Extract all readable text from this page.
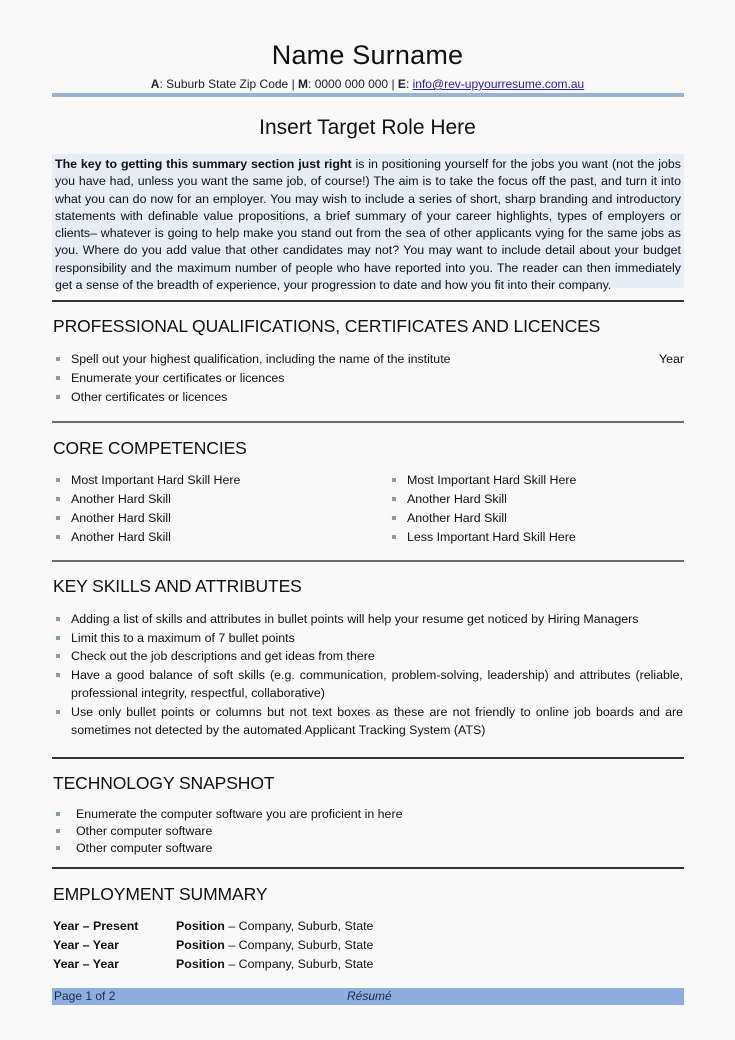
Name Surname
A: Suburb State Zip Code | M: 0000 000 000 | E: info@rev-upyourresume.com.au
Insert Target Role Here
The key to getting this summary section just right is in positioning yourself for the jobs you want (not the jobs you have had, unless you want the same job, of course!) The aim is to take the focus off the past, and turn it into what you can do now for an employer. You may wish to include a series of short, sharp branding and introductory statements with definable value propositions, a brief summary of your career highlights, types of employers or clients– whatever is going to help make you stand out from the sea of other applicants vying for the same jobs as you. Where do you add value that other candidates may not? You may want to include detail about your budget responsibility and the maximum number of people who have reported into you. The reader can then immediately get a sense of the breadth of experience, your progression to date and how you fit into their company.
PROFESSIONAL QUALIFICATIONS, CERTIFICATES AND LICENCES
Spell out your highest qualification, including the name of the institute
Enumerate your certificates or licences
Other certificates or licences
Year
CORE COMPETENCIES
Most Important Hard Skill Here
Another Hard Skill
Another Hard Skill
Another Hard Skill
Most Important Hard Skill Here
Another Hard Skill
Another Hard Skill
Less Important Hard Skill Here
KEY SKILLS AND ATTRIBUTES
Adding a list of skills and attributes in bullet points will help your resume get noticed by Hiring Managers
Limit this to a maximum of 7 bullet points
Check out the job descriptions and get ideas from there
Have a good balance of soft skills (e.g. communication, problem-solving, leadership) and attributes (reliable, professional integrity, respectful, collaborative)
Use only bullet points or columns but not text boxes as these are not friendly to online job boards and are sometimes not detected by the automated Applicant Tracking System (ATS)
TECHNOLOGY SNAPSHOT
Enumerate the computer software you are proficient in here
Other computer software
Other computer software
EMPLOYMENT SUMMARY
Year – Present	Position – Company, Suburb, State
Year – Year	Position – Company, Suburb, State
Year – Year	Position – Company, Suburb, State
Page 1 of 2	Résumé
